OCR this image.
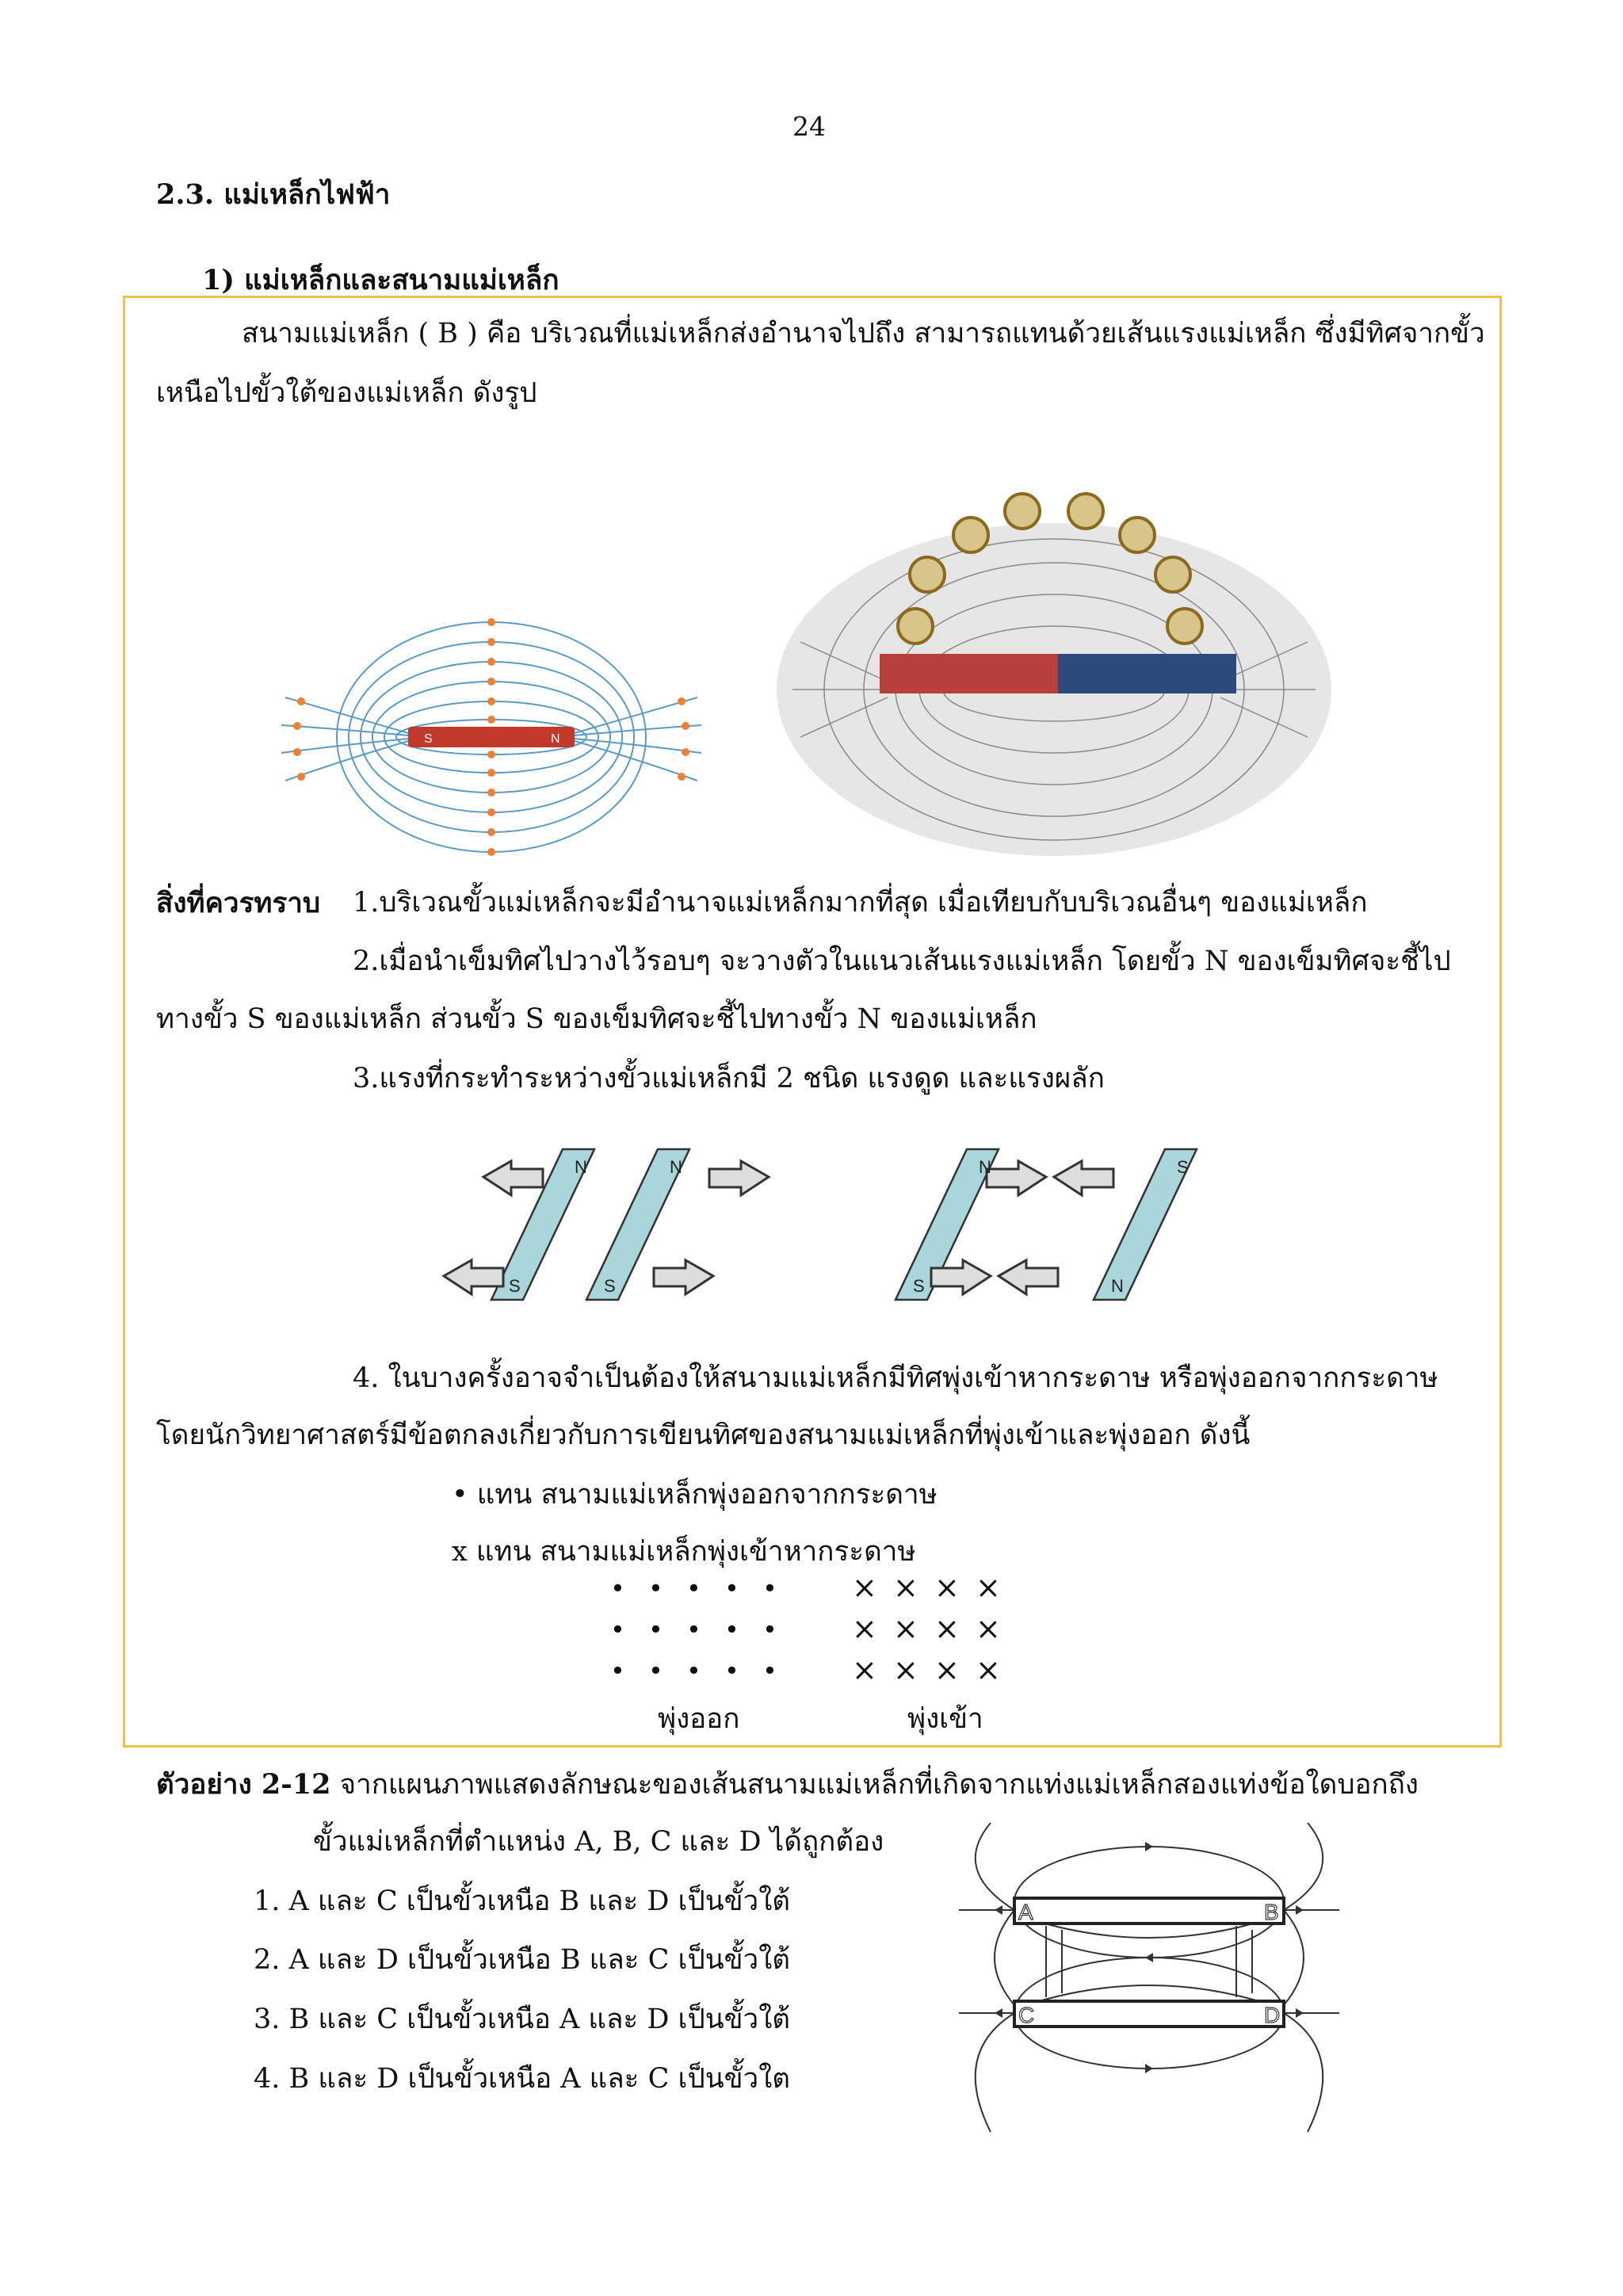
24
2.3. แม่เหล็กไฟฟ้า
1) แม่เหล็กและสนามแม่เหล็ก
สนามแม่เหล็ก ( B ) คือ บริเวณที่แม่เหล็กส่งอำนาจไปถึง สามารถแทนด้วยเส้นแรงแม่เหล็ก ซึ่งมีทิศจากขั้ว
เหนือไปขั้วใต้ของแม่เหล็ก ดังรูป
S	N
สิ่งที่ควรทราบ 1.บริเวณขั้วแม่เหล็กจะมีอำนาจแม่เหล็กมากที่สุด เมื่อเทียบกับบริเวณอื่นๆ ของแม่เหล็ก
2.เมื่อนำเข็มทิศไปวางไว้รอบๆ จะวางตัวในแนวเส้นแรงแม่เหล็ก โดยขั้ว N ของเข็มทิศจะชี้ไป
ทางขั้ว S ของแม่เหล็ก ส่วนขั้ว S ของเข็มทิศจะชี้ไปทางขั้ว N ของแม่เหล็ก
3.แรงที่กระทำระหว่างขั้วแม่เหล็กมี 2 ชนิด แรงดูด และแรงผลัก
N
S
N
S
N
S
S
N
4. ในบางครั้งอาจจำเป็นต้องให้สนามแม่เหล็กมีทิศพุ่งเข้าหากระดาษ หรือพุ่งออกจากกระดาษ
โดยนักวิทยาศาสตร์มีข้อตกลงเกี่ยวกับการเขียนทิศของสนามแม่เหล็กที่พุ่งเข้าและพุ่งออก ดังนี้
• แทน สนามแม่เหล็กพุ่งออกจากกระดาษ
x แทน สนามแม่เหล็กพุ่งเข้าหากระดาษ
• • • • • × × × ×
• • • • • × × × ×
• • • • • × × × ×
พุ่งออก	พุ่งเข้า
ตัวอย่าง 2-12 จากแผนภาพแสดงลักษณะของเส้นสนามแม่เหล็กที่เกิดจากแท่งแม่เหล็กสองแท่งข้อใดบอกถึง
ขั้วแม่เหล็กที่ตำแหน่ง A, B, C และ D ได้ถูกต้อง
1. A และ C เป็นขั้วเหนือ B และ D เป็นขั้วใต้
2. A และ D เป็นขั้วเหนือ B และ C เป็นขั้วใต้
3. B และ C เป็นขั้วเหนือ A และ D เป็นขั้วใต้
4. B และ D เป็นขั้วเหนือ A และ C เป็นขั้วใต
A	B
C	D
